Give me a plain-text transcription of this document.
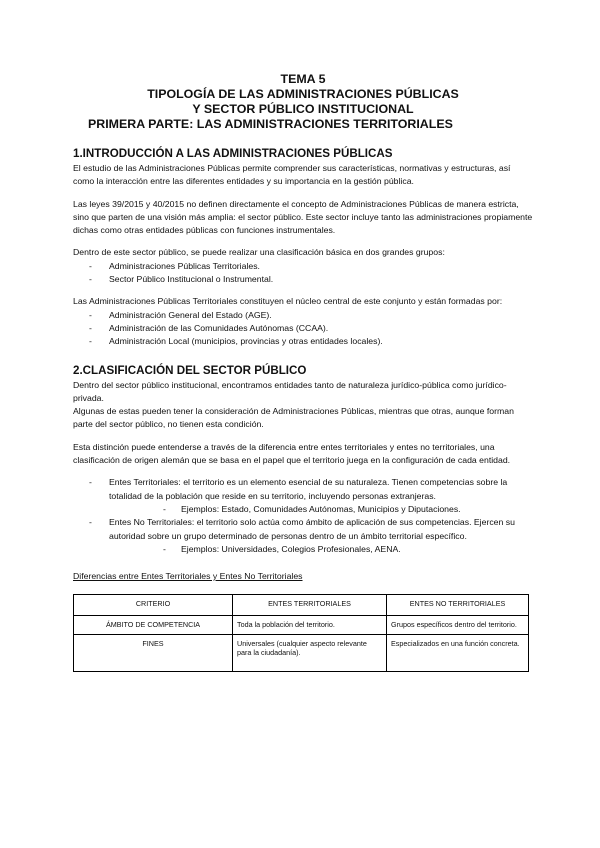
TEMA 5
TIPOLOGÍA DE LAS ADMINISTRACIONES PÚBLICAS
Y SECTOR PÚBLICO INSTITUCIONAL
PRIMERA PARTE: LAS ADMINISTRACIONES TERRITORIALES
1.INTRODUCCIÓN A LAS ADMINISTRACIONES PÚBLICAS

El estudio de las Administraciones Públicas permite comprender sus características, normativas y estructuras, así como la interacción entre las diferentes entidades y su importancia en la gestión pública.

Las leyes 39/2015 y 40/2015 no definen directamente el concepto de Administraciones Públicas de manera estricta, sino que parten de una visión más amplia: el sector público. Este sector incluye tanto las administraciones propiamente dichas como otras entidades públicas con funciones instrumentales.

Dentro de este sector público, se puede realizar una clasificación básica en dos grandes grupos:

- Administraciones Públicas Territoriales.
- Sector Público Institucional o Instrumental.

Las Administraciones Públicas Territoriales constituyen el núcleo central de este conjunto y están formadas por:

- Administración General del Estado (AGE).
- Administración de las Comunidades Autónomas (CCAA).
- Administración Local (municipios, provincias y otras entidades locales).
2.CLASIFICACIÓN DEL SECTOR PÚBLICO

Dentro del sector público institucional, encontramos entidades tanto de naturaleza jurídico-pública como jurídico-privada.

Algunas de estas pueden tener la consideración de Administraciones Públicas, mientras que otras, aunque forman parte del sector público, no tienen esta condición.

Esta distinción puede entenderse a través de la diferencia entre entes territoriales y entes no territoriales, una clasificación de origen alemán que se basa en el papel que el territorio juega en la configuración de cada entidad.

- Entes Territoriales: el territorio es un elemento esencial de su naturaleza. Tienen competencias sobre la totalidad de la población que reside en su territorio, incluyendo personas extranjeras.
- Ejemplos: Estado, Comunidades Autónomas, Municipios y Diputaciones.
- Entes No Territoriales: el territorio solo actúa como ámbito de aplicación de sus competencias. Ejercen su autoridad sobre un grupo determinado de personas dentro de un ámbito territorial específico.
- Ejemplos: Universidades, Colegios Profesionales, AENA.
Diferencias entre Entes Territoriales y Entes No Territoriales
CRITERIO	ENTES TERRITORIALES	ENTES NO TERRITORIALES
ÁMBITO DE COMPETENCIA	Toda la población del territorio.	Grupos específicos dentro del territorio.
FINES	Universales (cualquier aspecto relevante para la ciudadanía).	Especializados en una función concreta.
